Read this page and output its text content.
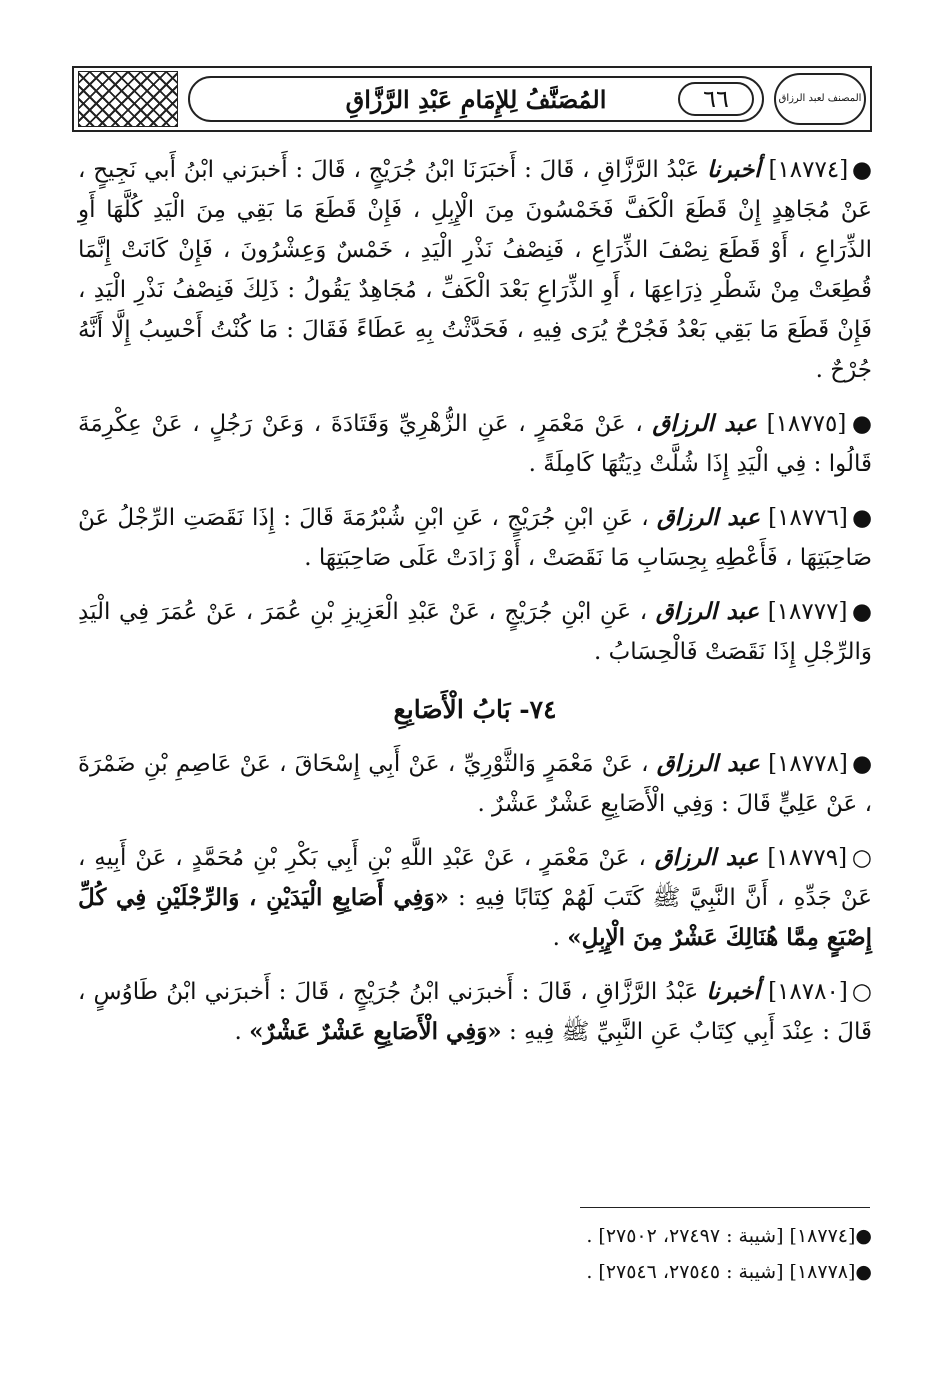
المُصَنَّفُ لِلإِمَامِ عَبْدِ الرَّزَّاقِ	٦٦	المصنف لعبد الرزاق

● [١٨٧٧٤] أخبرنا عَبْدُ الرَّزَّاقِ ، قَالَ : أَخبَرَنَا ابْنُ جُرَيْجٍ ، قَالَ : أَخبرَني ابْنُ أَبي نَجِيحٍ ، عَنْ مُجَاهِدٍ إِنْ قَطَعَ الْكَفَّ فَخَمْسُونَ مِنَ الْإِبِلِ ، فَإِنْ قَطَعَ مَا بَقِي مِنَ الْيَدِ كُلَّهَا أَوِ الذِّرَاعِ ، أَوْ قَطَعَ نِصْفَ الذِّرَاعِ ، فَنِصْفُ نَذْرِ الْيَدِ ، خَمْسٌ وَعِشْرُونَ ، فَإِنْ كَانَتْ إِنَّمَا قُطِعَتْ مِنْ شَطْرِ ذِرَاعِهَا ، أَوِ الذِّرَاعِ بَعْدَ الْكَفِّ ، مُجَاهِدٌ يَقُولُ : ذَلِكَ فَنِصْفُ نَذْرِ الْيَدِ ، فَإِنْ قَطَعَ مَا بَقِي بَعْدُ فَجُرْحٌ يُرَى فِيهِ ، فَحَدَّثْتُ بِهِ عَطَاءً فَقَالَ : مَا كُنْتُ أَحْسِبُ إِلَّا أَنَّهُ جُرْحٌ .

● [١٨٧٧٥] عبد الرزاق ، عَنْ مَعْمَرٍ ، عَنِ الزُّهْرِيِّ وَقَتَادَةَ ، وَعَنْ رَجُلٍ ، عَنْ عِكْرِمَةَ قَالُوا : فِي الْيَدِ إِذَا شُلَّتْ دِيَتُهَا كَامِلَةً .

● [١٨٧٧٦] عبد الرزاق ، عَنِ ابْنِ جُرَيْجٍ ، عَنِ ابْنِ شُبْرُمَةَ قَالَ : إِذَا نَقَصَتِ الرِّجْلُ عَنْ صَاحِبَتِهَا ، فَأَعْطِهِ بِحِسَابِ مَا نَقَصَتْ ، أَوْ زَادَتْ عَلَى صَاحِبَتِهَا .

● [١٨٧٧٧] عبد الرزاق ، عَنِ ابْنِ جُرَيْجٍ ، عَنْ عَبْدِ الْعَزِيزِ بْنِ عُمَرَ ، عَنْ عُمَرَ فِي الْيَدِ وَالرِّجْلِ إِذَا نَقَصَتْ فَالْحِسَابُ .

٧٤- بَابُ الْأَصَابِعِ

● [١٨٧٧٨] عبد الرزاق ، عَنْ مَعْمَرٍ وَالثَّوْرِيِّ ، عَنْ أَبِي إِسْحَاقَ ، عَنْ عَاصِمِ بْنِ ضَمْرَةَ ، عَنْ عَلِيٍّ قَالَ : وَفِي الْأَصَابِعِ عَشْرٌ عَشْرٌ .

○ [١٨٧٧٩] عبد الرزاق ، عَنْ مَعْمَرٍ ، عَنْ عَبْدِ اللَّهِ بْنِ أَبِي بَكْرِ بْنِ مُحَمَّدٍ ، عَنْ أَبِيهِ ، عَنْ جَدِّهِ ، أَنَّ النَّبِيَّ ﷺ كَتَبَ لَهُمْ كِتَابًا فِيهِ : «وَفِي أَصَابِعِ الْيَدَيْنِ ، وَالرِّجْلَيْنِ فِي كُلِّ إِصْبَعٍ مِمَّا هُنَالِكَ عَشْرٌ مِنَ الْإِبِلِ» .

○ [١٨٧٨٠] أخبرنا عَبْدُ الرَّزَّاقِ ، قَالَ : أَخبرَني ابْنُ جُرَيْجٍ ، قَالَ : أَخبرَني ابْنُ طَاوُسٍ ، قَالَ : عِنْدَ أَبِي كِتَابٌ عَنِ النَّبِيِّ ﷺ فِيهِ : «وَفِي الْأَصَابِعِ عَشْرٌ عَشْرٌ» .

●[١٨٧٧٤] [شيبة : ٢٧٤٩٧، ٢٧٥٠٢] .
●[١٨٧٧٨] [شيبة : ٢٧٥٤٥، ٢٧٥٤٦] .
